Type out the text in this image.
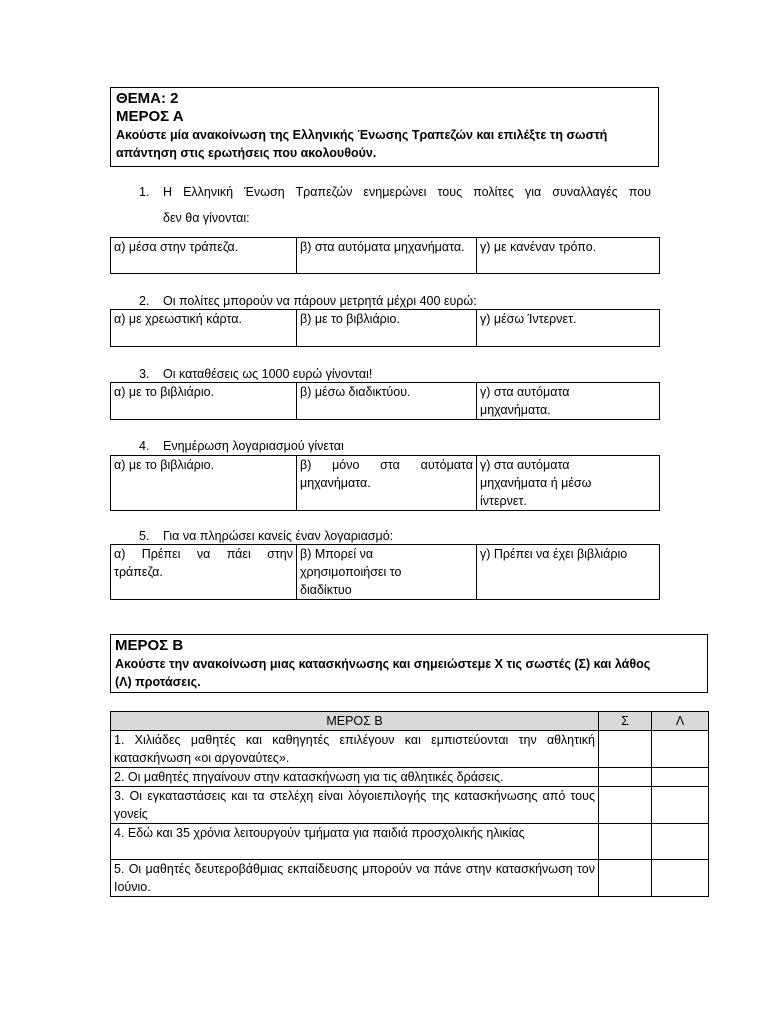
ΘΕΜΑ: 2
ΜΕΡΟΣ Α
Ακούστε μία ανακοίνωση της Ελληνικής Ένωσης Τραπεζών και επιλέξτε τη σωστή
απάντηση στις ερωτήσεις που ακολουθούν.
1. Η Ελληνική Ένωση Τραπεζών ενημερώνει τους πολίτες για συναλλαγές που
δεν θα γίνονται:
α) μέσα στην τράπεζα.	β) στα αυτόματα μηχανήματα.	γ) με κανέναν τρόπο.
2. Οι πολίτες μπορούν να πάρουν μετρητά μέχρι 400 ευρώ:
α) με χρεωστική κάρτα.	β) με το βιβλιάριο.	γ) μέσω Ίντερνετ.
3. Οι καταθέσεις ως 1000 ευρώ γίνονται!
α) με το βιβλιάριο.	β) μέσω διαδικτύου.	γ) στα αυτόματα μηχανήματα.
4. Ενημέρωση λογαριασμού γίνεται
α) με το βιβλιάριο.	β) μόνο στα αυτόματα μηχανήματα.	γ) στα αυτόματα μηχανήματα ή μέσω ίντερνετ.
5. Για να πληρώσει κανείς έναν λογαριασμό:
α) Πρέπει να πάει στην τράπεζα.	β) Μπορεί να χρησιμοποιήσει το διαδίκτυο	γ) Πρέπει να έχει βιβλιάριο
ΜΕΡΟΣ Β
Ακούστε την ανακοίνωση μιας κατασκήνωσης και σημειώστεμε Χ τις σωστές (Σ) και λάθος
(Λ) προτάσεις.
ΜΕΡΟΣ Β	Σ	Λ
1. Χιλιάδες μαθητές και καθηγητές επιλέγουν και εμπιστεύονται την αθλητική κατασκήνωση «οι αργοναύτες».		
2. Οι μαθητές πηγαίνουν στην κατασκήνωση για τις αθλητικές δράσεις.		
3. Οι εγκαταστάσεις και τα στελέχη είναι λόγοιεπιλογής της κατασκήνωσης από τους γονείς		
4. Εδώ και 35 χρόνια λειτουργούν τμήματα για παιδιά προσχολικής ηλικίας		
5. Οι μαθητές δευτεροβάθμιας εκπαίδευσης μπορούν να πάνε στην κατασκήνωση τον Ιούνιο.		
